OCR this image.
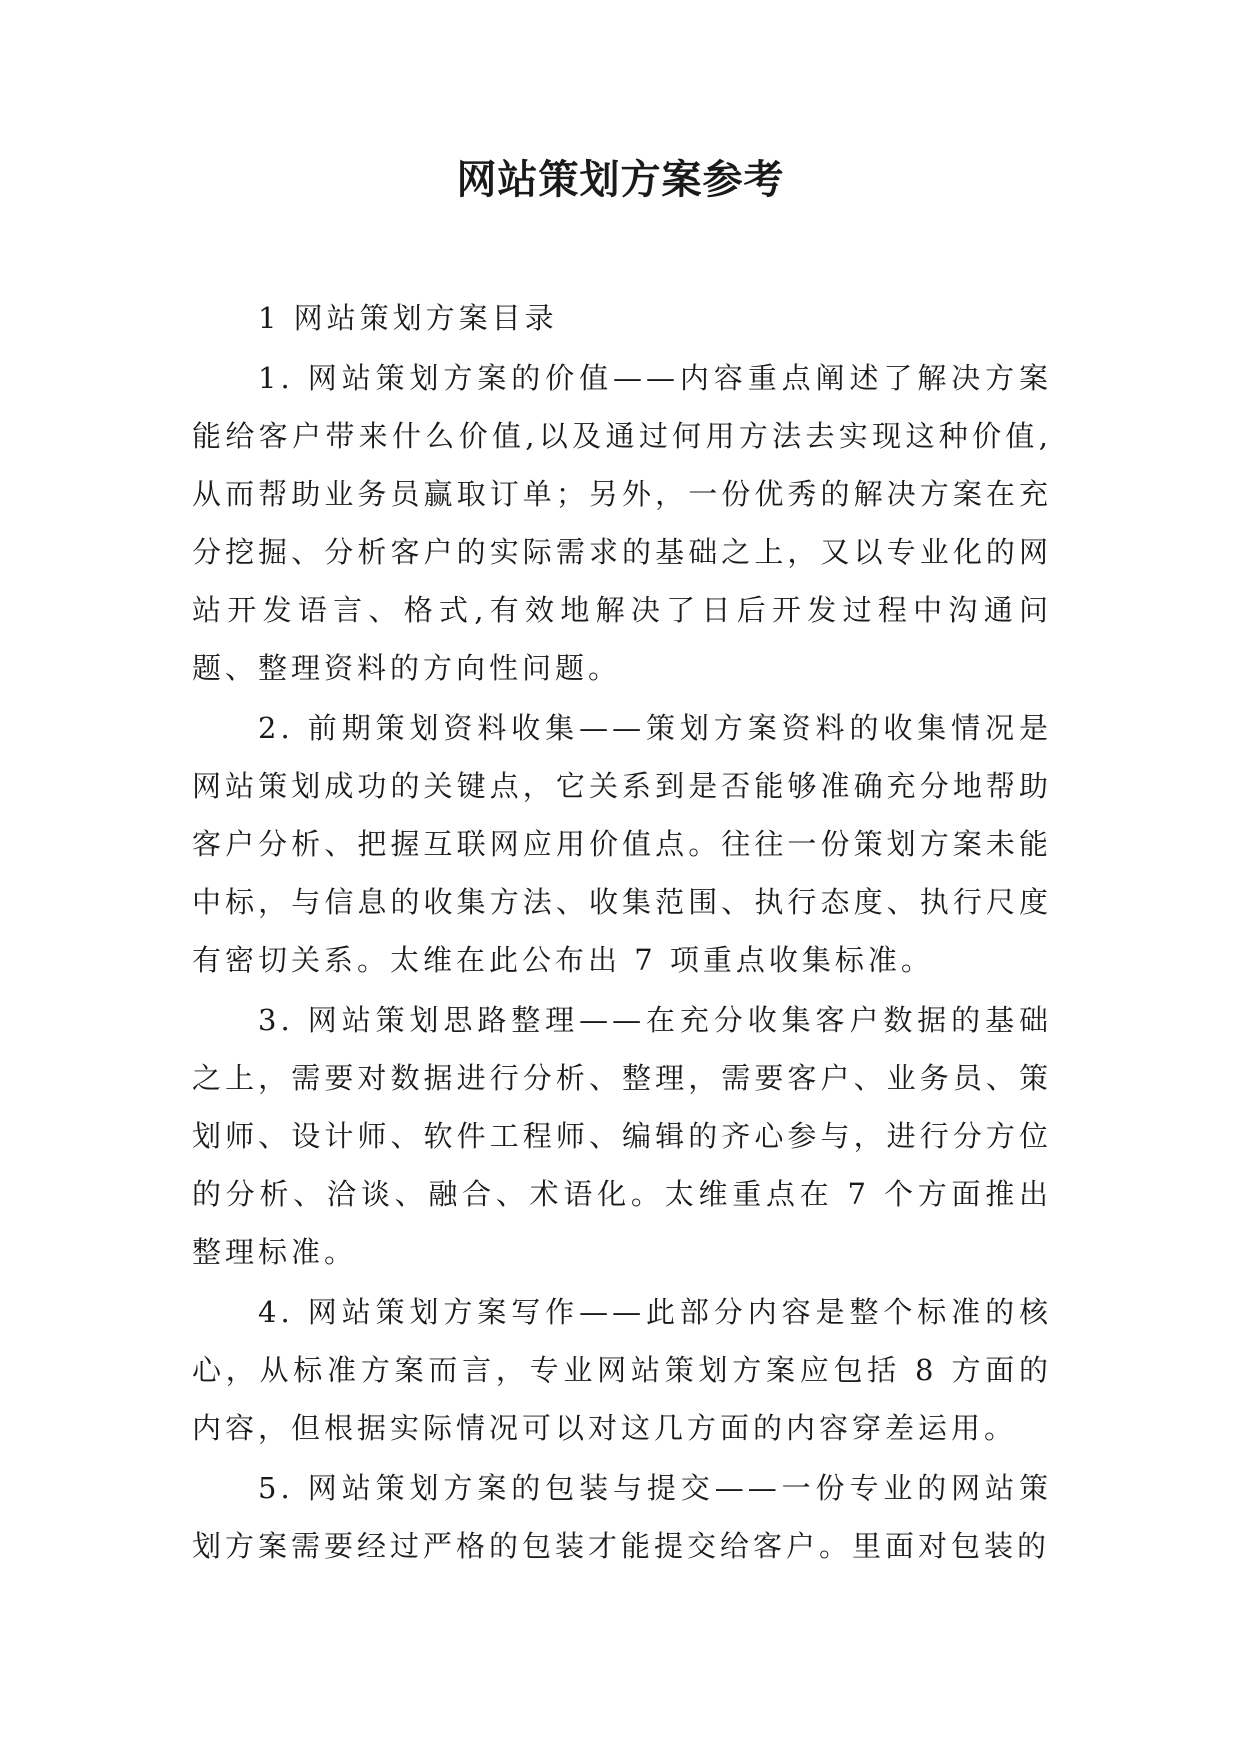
网站策划方案参考

1 网站策划方案目录

1. 网站策划方案的价值——内容重点阐述了解决方案能给客户带来什么价值,以及通过何用方法去实现这种价值,从而帮助业务员赢取订单；另外，一份优秀的解决方案在充分挖掘、分析客户的实际需求的基础之上，又以专业化的网站开发语言、格式,有效地解决了日后开发过程中沟通问题、整理资料的方向性问题。

2. 前期策划资料收集——策划方案资料的收集情况是网站策划成功的关键点，它关系到是否能够准确充分地帮助客户分析、把握互联网应用价值点。往往一份策划方案未能中标，与信息的收集方法、收集范围、执行态度、执行尺度有密切关系。太维在此公布出 7 项重点收集标准。

3. 网站策划思路整理——在充分收集客户数据的基础之上，需要对数据进行分析、整理，需要客户、业务员、策划师、设计师、软件工程师、编辑的齐心参与，进行分方位的分析、洽谈、融合、术语化。太维重点在 7 个方面推出整理标准。

4. 网站策划方案写作——此部分内容是整个标准的核心，从标准方案而言，专业网站策划方案应包括 8 方面的内容，但根据实际情况可以对这几方面的内容穿差运用。

5. 网站策划方案的包装与提交——一份专业的网站策划方案需要经过严格的包装才能提交给客户。里面对包装的
